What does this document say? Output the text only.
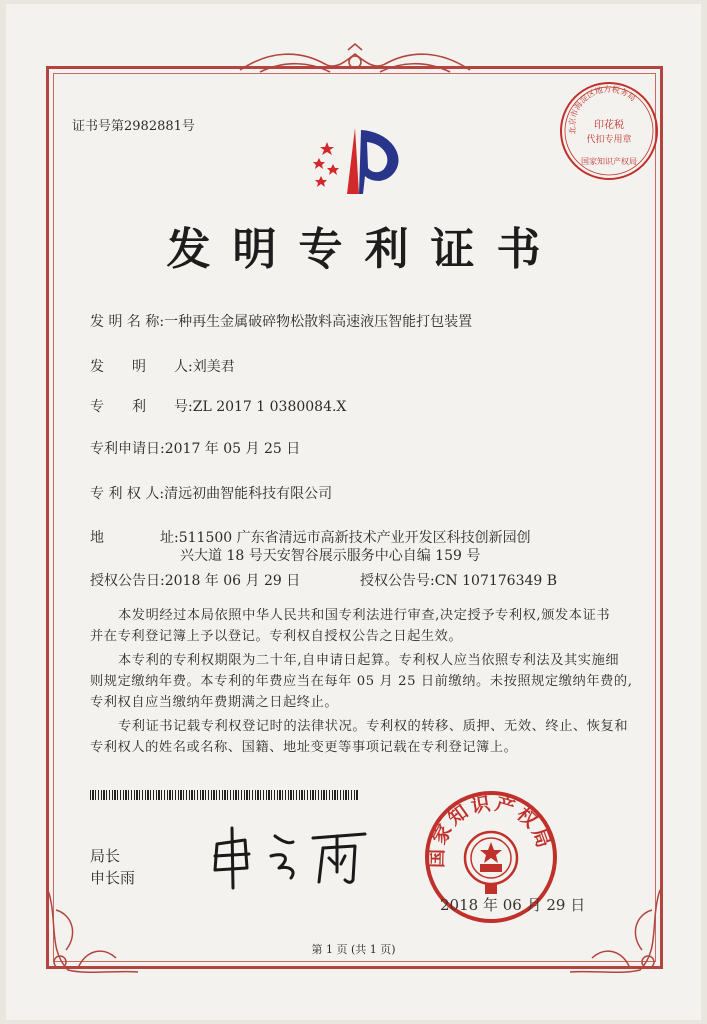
证书号第2982881号	北京市海淀区地方税务局
印花税
代扣专用章
国家知识产权局
发明专利证书
发 明 名 称:一种再生金属破碎物松散料高速液压智能打包装置
发　　明　　人:刘美君
专　　利　　号:ZL 2017 1 0380084.X
专利申请日:2017 年 05 月 25 日
专 利 权 人:清远初曲智能科技有限公司
地　　　　址:511500 广东省清远市高新技术产业开发区科技创新园创
兴大道 18 号天安智谷展示服务中心自编 159 号
授权公告日:2018 年 06 月 29 日	授权公告号:CN 107176349 B
本发明经过本局依照中华人民共和国专利法进行审查,决定授予专利权,颁发本证书
并在专利登记簿上予以登记。专利权自授权公告之日起生效。
本专利的专利权期限为二十年,自申请日起算。专利权人应当依照专利法及其实施细
则规定缴纳年费。本专利的年费应当在每年 05 月 25 日前缴纳。未按照规定缴纳年费的,
专利权自应当缴纳年费期满之日起终止。
专利证书记载专利权登记时的法律状况。专利权的转移、质押、无效、终止、恢复和
专利权人的姓名或名称、国籍、地址变更等事项记载在专利登记簿上。
局长
申长雨
国家知识产权局
2018 年 06 月 29 日
第 1 页 (共 1 页)
